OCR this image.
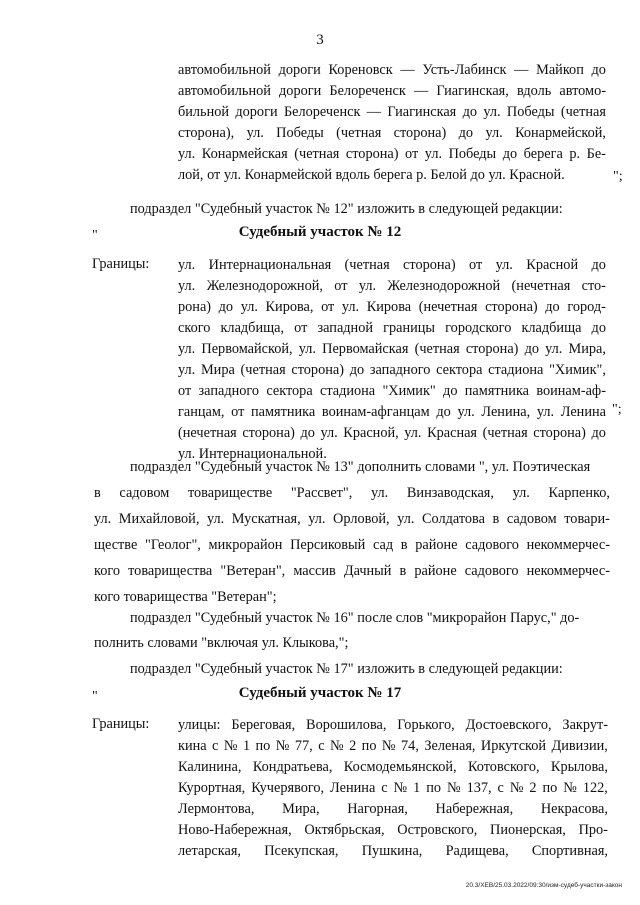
3
автомобильной дороги Кореновск — Усть-Лабинск — Майкоп до
автомобильной дороги Белореченск — Гиагинская, вдоль автомо-
бильной дороги Белореченск — Гиагинская до ул. Победы (четная
сторона), ул. Победы (четная сторона) до ул. Конармейской,
ул. Конармейская (четная сторона) от ул. Победы до берега р. Бе-
лой, от ул. Конармейской вдоль берега р. Белой до ул. Красной.	";
подраздел "Судебный участок № 12" изложить в следующей редакции:
"	Судебный участок № 12
Границы: ул. Интернациональная (четная сторона) от ул. Красной до
ул. Железнодорожной, от ул. Железнодорожной (нечетная сто-
рона) до ул. Кирова, от ул. Кирова (нечетная сторона) до город-
ского кладбища, от западной границы городского кладбища до
ул. Первомайской, ул. Первомайская (четная сторона) до ул. Мира,
ул. Мира (четная сторона) до западного сектора стадиона "Химик",
от западного сектора стадиона "Химик" до памятника воинам-аф-
ганцам, от памятника воинам-афганцам до ул. Ленина, ул. Ленина
(нечетная сторона) до ул. Красной, ул. Красная (четная сторона) до
ул. Интернациональной.
";
подраздел "Судебный участок № 13" дополнить словами ", ул. Поэтическая
в садовом товариществе "Рассвет", ул. Винзаводская, ул. Карпенко,
ул. Михайловой, ул. Мускатная, ул. Орловой, ул. Солдатова в садовом товари-
ществе "Геолог", микрорайон Персиковый сад в районе садового некоммерчес-
кого товарищества "Ветеран", массив Дачный в районе садового некоммерчес-
кого товарищества "Ветеран";
подраздел "Судебный участок № 16" после слов "микрорайон Парус," до-
полнить словами "включая ул. Клыкова,";
подраздел "Судебный участок № 17" изложить в следующей редакции:
"	Судебный участок № 17
Границы: улицы: Береговая, Ворошилова, Горького, Достоевского, Закрут-
кина с № 1 по № 77, с № 2 по № 74, Зеленая, Иркутской Дивизии,
Калинина, Кондратьева, Космодемьянской, Котовского, Крылова,
Курортная, Кучерявого, Ленина с № 1 по № 137, с № 2 по № 122,
Лермонтова, Мира, Нагорная, Набережная, Некрасова,
Ново-Набережная, Октябрьская, Островского, Пионерская, Про-
летарская, Псекупская, Пушкина, Радищева, Спортивная,
20.3/ХЕВ/25.03.2022/09:30/изм-судеб-участки-закон
